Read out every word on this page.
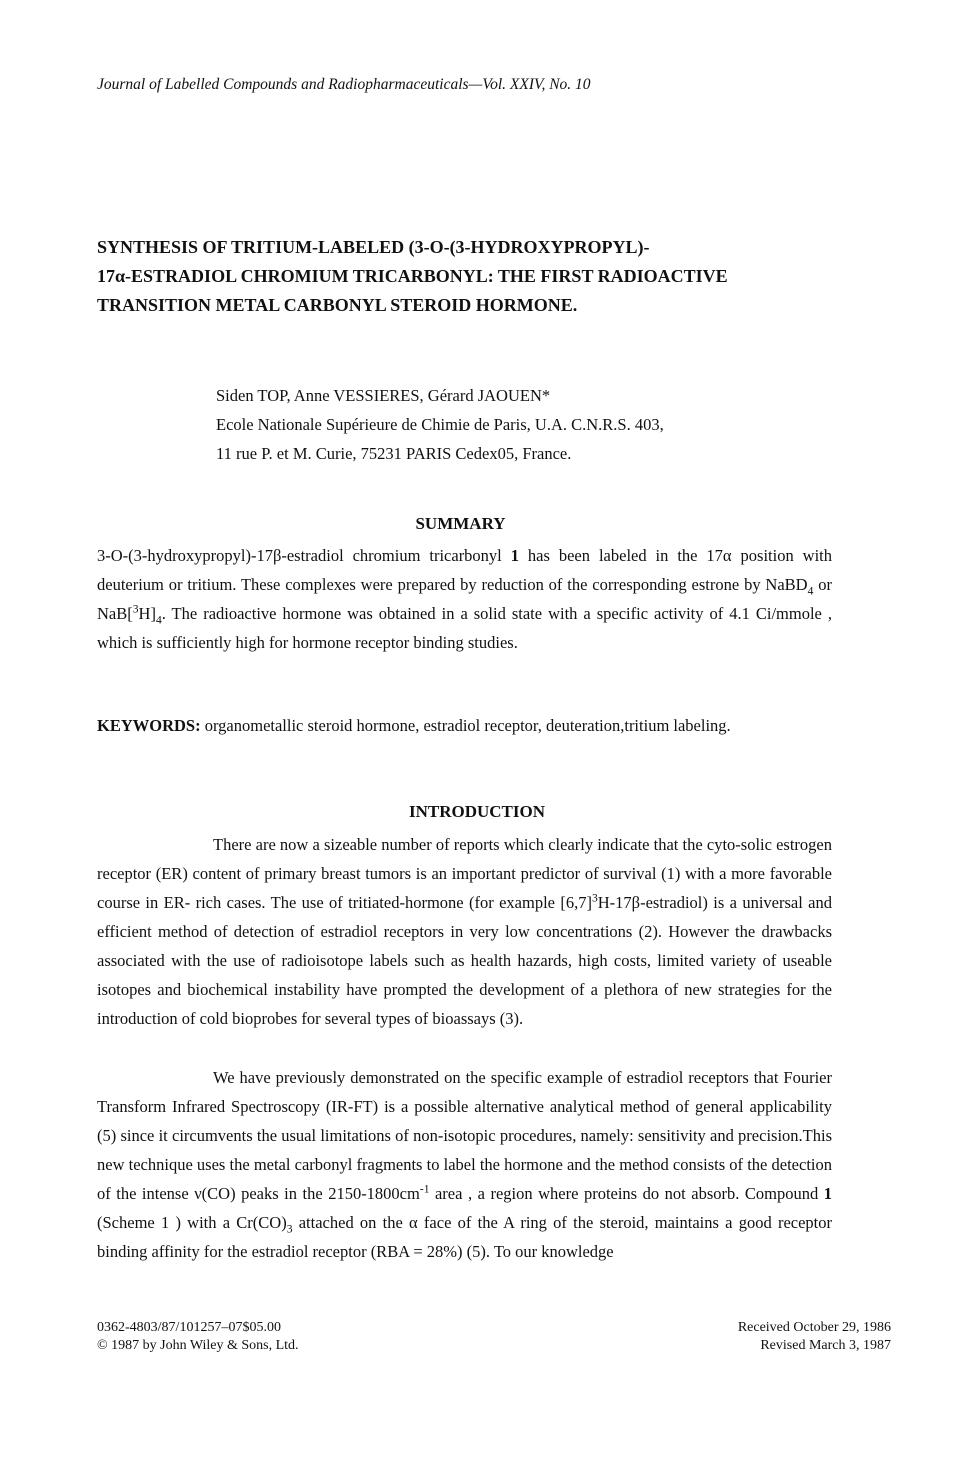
Journal of Labelled Compounds and Radiopharmaceuticals—Vol. XXIV, No. 10
SYNTHESIS OF TRITIUM-LABELED (3-O-(3-HYDROXYPROPYL)-
17α-ESTRADIOL CHROMIUM TRICARBONYL: THE FIRST RADIOACTIVE
TRANSITION METAL CARBONYL STEROID HORMONE.
Siden TOP, Anne VESSIERES, Gérard JAOUEN*
Ecole Nationale Supérieure de Chimie de Paris, U.A. C.N.R.S. 403,
11 rue P. et M. Curie, 75231 PARIS Cedex05, France.
SUMMARY
3-O-(3-hydroxypropyl)-17β-estradiol chromium tricarbonyl 1 has been labeled in the 17α position with deuterium or tritium. These complexes were prepared by reduction of the corresponding estrone by NaBD$_4$ or $NaB[^3H]_4$. The radioactive hormone was obtained in a solid state with a specific activity of 4.1 Ci/mmole , which is sufficiently high for hormone receptor binding studies.
KEYWORDS: organometallic steroid hormone, estradiol receptor, deuteration,tritium labeling.
INTRODUCTION
There are now a sizeable number of reports which clearly indicate that the cyto-solic estrogen receptor (ER) content of primary breast tumors is an important predictor of survival (1) with a more favorable course in ER- rich cases. The use of tritiated-hormone (for example $[6,7]^3H-17\beta-estradiol$) is a universal and efficient method of detection of estradiol receptors in very low concentrations (2). However the drawbacks associated with the use of radioisotope labels such as health hazards, high costs, limited variety of useable isotopes and biochemical instability have prompted the development of a plethora of new strategies for the introduction of cold bioprobes for several types of bioassays (3).
We have previously demonstrated on the specific example of estradiol receptors that Fourier Transform Infrared Spectroscopy (IR-FT) is a possible alternative analytical method of general applicability (5) since it circumvents the usual limitations of non-isotopic procedures, namely: sensitivity and precision.This new technique uses the metal carbonyl fragments to label the hormone and the method consists of the detection of the intense ν(CO) peaks in the $2150-1800cm^{-1}$ area , a region where proteins do not absorb. Compound 1 (Scheme 1 ) with a $Cr(CO)_3$ attached on the α face of the A ring of the steroid, maintains a good receptor binding affinity for the estradiol receptor (RBA = 28%) (5). To our knowledge
0362-4803/87/101257–07$05.00
© 1987 by John Wiley & Sons, Ltd.
Received October 29, 1986
Revised March 3, 1987
